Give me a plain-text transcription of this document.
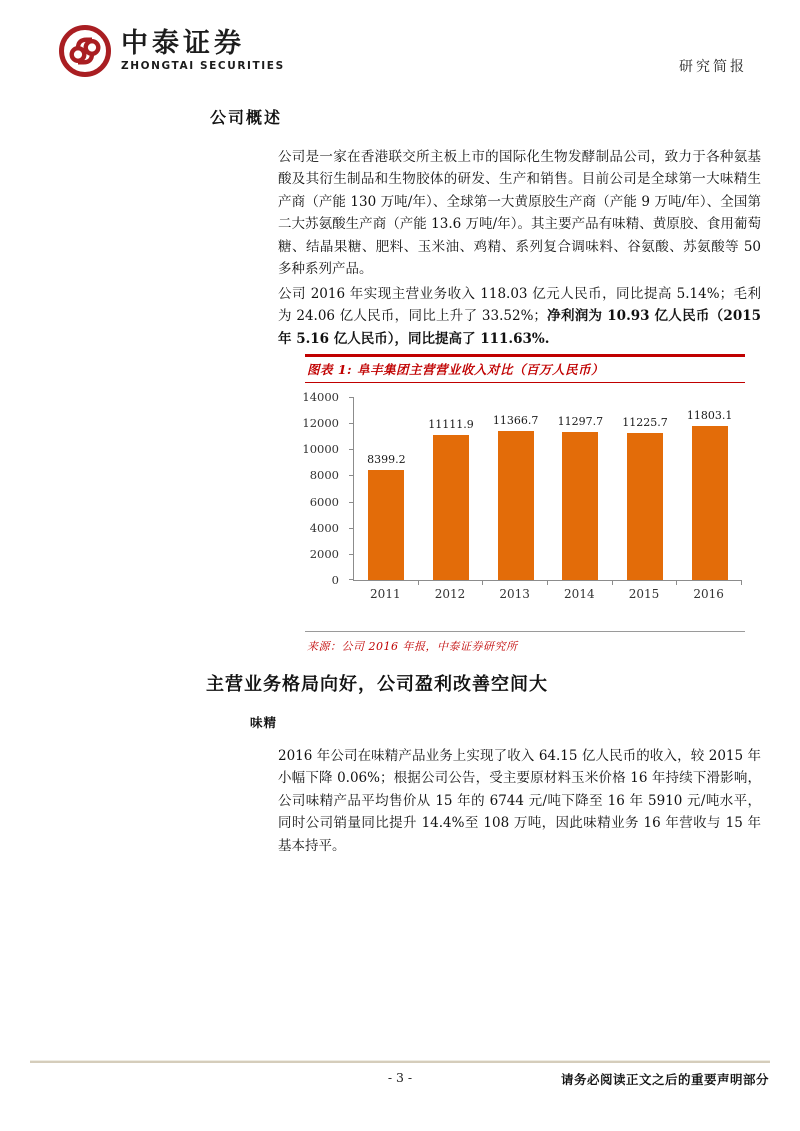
中泰证券
ZHONGTAI SECURITIES	研究简报
公司概述

公司是一家在香港联交所主板上市的国际化生物发酵制品公司，致力于各种氨基酸及其衍生制品和生物胶体的研发、生产和销售。目前公司是全球第一大味精生产商（产能 130 万吨/年）、全球第一大黄原胶生产商（产能 9 万吨/年）、全国第二大苏氨酸生产商（产能 13.6 万吨/年）。其主要产品有味精、黄原胶、食用葡萄糖、结晶果糖、肥料、玉米油、鸡精、系列复合调味料、谷氨酸、苏氨酸等 50 多种系列产品。

公司 2016 年实现主营业务收入 118.03 亿元人民币，同比提高 5.14%；毛利为 24.06 亿人民币，同比上升了 33.52%；净利润为 10.93 亿人民币（2015 年 5.16 亿人民币），同比提高了 111.63%.

图表 1: 阜丰集团主营营业收入对比（百万人民币）
0
2000
4000
6000
8000
10000
12000
14000
8399.2
11111.9	11366.7	11297.7	11225.7
11803.1
2011	2012	2013	2014	2015	2016
来源：公司 2016 年报，中泰证券研究所
主营业务格局向好，公司盈利改善空间大
味精

2016 年公司在味精产品业务上实现了收入 64.15 亿人民币的收入，较 2015 年小幅下降 0.06%；根据公司公告，受主要原材料玉米价格 16 年持续下滑影响，公司味精产品平均售价从 15 年的 6744 元/吨下降至 16 年 5910 元/吨水平，同时公司销量同比提升 14.4%至 108 万吨，因此味精业务 16 年营收与 15 年基本持平。

- 3 -	请务必阅读正文之后的重要声明部分
